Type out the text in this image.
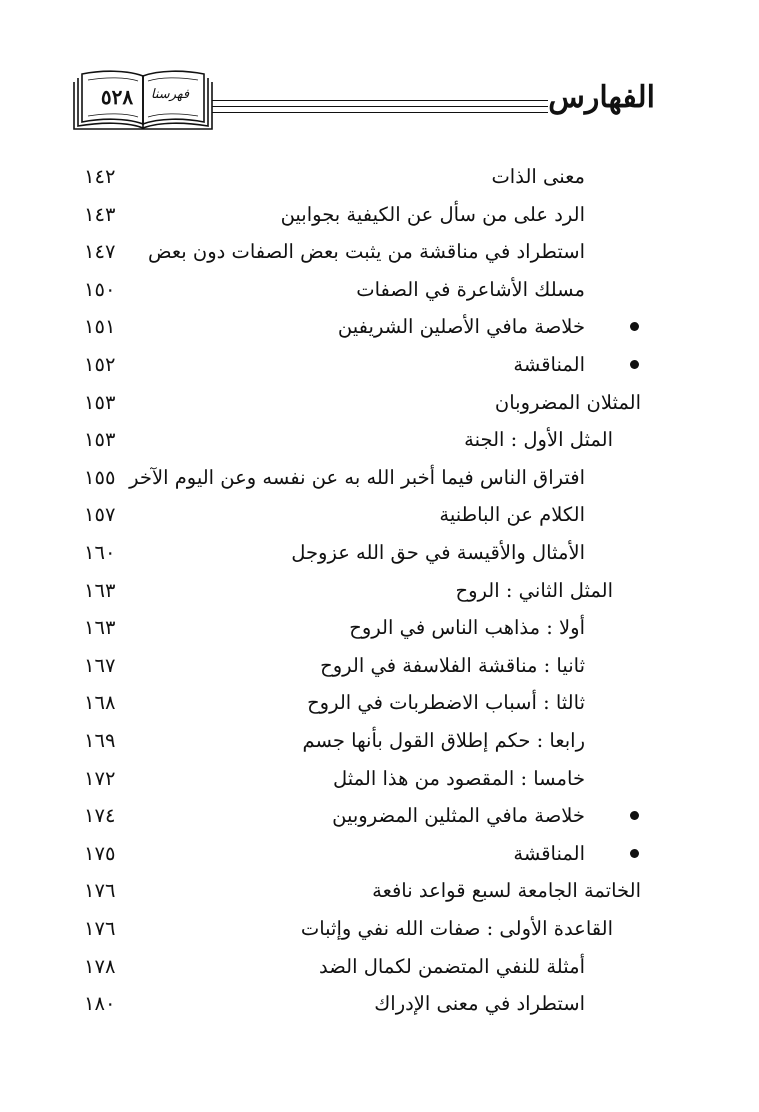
الفهارس
٥٢٨	فهرسنا
معنى الذات
١٤٢
الرد على من سأل عن الكيفية بجوابين
١٤٣
استطراد في مناقشة من يثبت بعض الصفات دون بعض
١٤٧
مسلك الأشاعرة في الصفات
١٥٠
خلاصة مافي الأصلين الشريفين
١٥١
المناقشة
١٥٢
المثلان المضروبان
١٥٣
المثل الأول : الجنة
١٥٣
افتراق الناس فيما أخبر الله به عن نفسه وعن اليوم الآخر
١٥٥
الكلام عن الباطنية
١٥٧
الأمثال والأقيسة في حق الله عزوجل
١٦٠
المثل الثاني : الروح
١٦٣
أولا : مذاهب الناس في الروح
١٦٣
ثانيا : مناقشة الفلاسفة في الروح
١٦٧
ثالثا : أسباب الاضطربات في الروح
١٦٨
رابعا : حكم إطلاق القول بأنها جسم
١٦٩
خامسا : المقصود من هذا المثل
١٧٢
خلاصة مافي المثلين المضروبين
١٧٤
المناقشة
١٧٥
الخاتمة الجامعة لسبع قواعد نافعة
١٧٦
القاعدة الأولى : صفات الله نفي وإثبات
١٧٦
أمثلة للنفي المتضمن لكمال الضد
١٧٨
استطراد في معنى الإدراك
١٨٠
